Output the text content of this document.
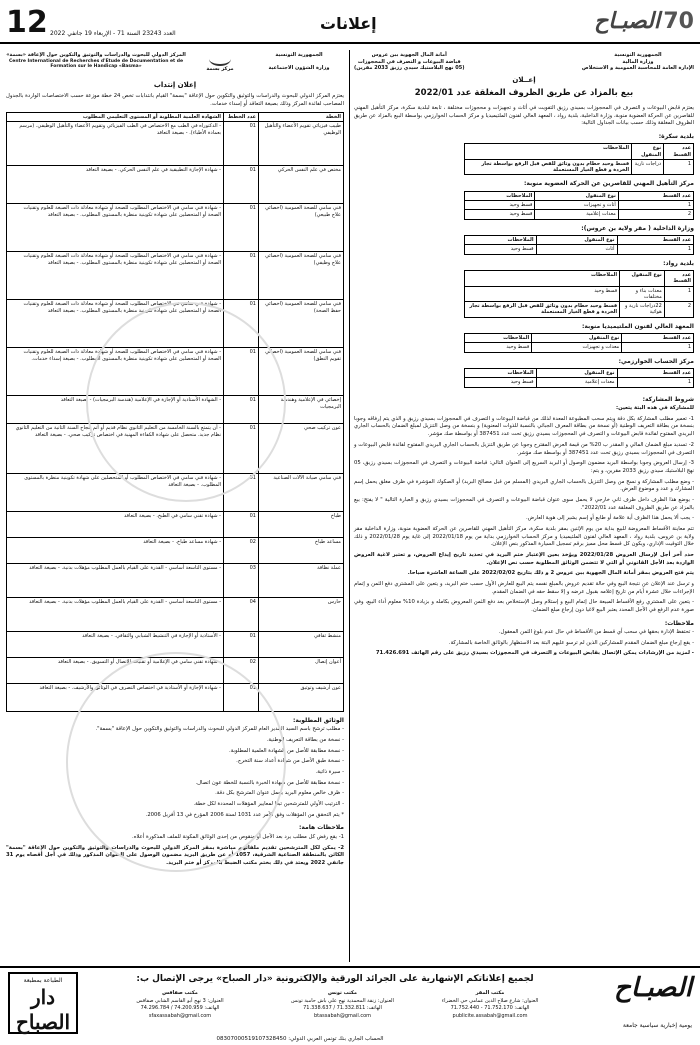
12 العدد 23243 السنة 71 - الإربعاء 19 جانفي 2022
إعلانات	الصبـاح 70
الجمهورية التونسية
وزارة المالية
الإدارة العامة للمحاسبة العمومية و الاستخلاص
أمانة المال الجهوية ببن عروس
قباضة البيوعات و التصرف في المحجوزات
(05 نهج البلاستيك سيدي رزيق 2033 مقرين)
إعــلان
بيع بالمزاد عن طريق الظروف المغلقة عدد 2022/01
يعتزم قابض البيوعات و التصرف في المحجوزات بسيدي رزيق التفويت في أثاث و تجهيزات و محجوزات مختلفة ، تابعة لبلدية سكرة، مركز التأهيل المهني للقاصرين عن الحركة العضوية منوبة، وزارة الداخلية، بلدية رواد ، المعهد العالي لفنون الملتيميديا و مركز الحساب الخوارزمي بواسطة البيع بالمزاد عن طريق الظروف المغلقة وذلك حسب بيانات الجداول التالية:
بلدية سكرة:
عدد القسط	نوع المنقول	الملاحظات
1	دراجات نارية	قسط وحيد حطام بدون وثائق للقص قبل الرفع بواسطة تجار الخردة و قطع الغيار المستعملة
مركز التأهيل المهني للقاصرين عن الحركة العضوية منوبة:
عدد القسط	نوع المنقول	الملاحظات
1	أثاث و تجهيزات	قسط وحيد
2	معدات إعلامية	قسط وحيد
وزارة الداخلية ( مقر ولاية بن عروس):
عدد القسط	نوع المنقول	الملاحظات
1	أثاث	قسط وحيد
بلدية رواد:
عدد القسط	نوع المنقول	الملاحظات
1	معدات بناء و مختلفات	قسط وحيد
2	22دراجات نارية و هوائية	قسط وحيد حطام بدون وثائق للقص قبل الرفع بواسطة تجار الخردة و قطع الغيار المستعملة
المعهد العالي لفنون الملتيميديا منوبة:
عدد القسط	نوع المنقول	الملاحظات
1	معدات و تجهيزات	قسط وحيد
مركز الحساب الخوارزمي:
عدد القسط	نوع المنقول	الملاحظات
1	معدات إعلامية	قسط وحيد
شروط المشاركة:
للمشاركة في هذه البتة يتعين:
1- تعمير مطلب المشاركة بكل دقة ويتم سحب المطبوعة المعدة لذلك من قباضة البيوعات و التصرف في المحجوزات بسيدي رزيق و الذي يتم إرفاقه وجوبا بنسخة من بطاقة التعريف الوطنية (أو نسخة من بطاقة المعرف الجبائي بالنسبة للذوات المعنوية) و بنسخة من وصل التنزيل لمبلغ الضمان بالحساب الجاري البريدي المفتوح لفائدة قابض البيوعات و التصرف في المحجوزات بسيدي رزيق تحت عدد 387451 أو بواسطة صك مؤشر.
2- تسديد مبلغ الضمان المالي و المقدر ب 20% من قيمة العرض المقترح وجوبا عن طريق التنزيل بالحساب الجاري البريدي المفتوح لفائدة قابض البيوعات و التصرف في المحجوزات بسيدي رزيق تحت عدد 387451 أو بواسطة صك مؤشر.
3- إرسال العروض وجوبا بواسطة البريد مضمون الوصول أو البريد السريع إلى العنوان التالي: قباضة البيوعات و التصرف في المحجوزات بسيدي رزيق، 05 نهج البلاستيك سيدي رزيق 2033 مقرين، و يتم:
- وضع مطلب المشاركة و نسخ من وصل التنزيل بالحساب الجاري البريدي (المسلم من قبل مصالح البريد) أو الصكوك المؤشرة في ظرف مغلق يحمل إسم المشارك و عدد و موضوع العرض.
- يوضع هذا الظرف داخل ظرف ثاني خارجي لا يحمل سوى عنوان قباضة البيوعات و التصرف في المحجوزات بسيدي رزيق و العبارة التالية " لا يفتح: بيع بالمزاد عن طريق الظروف المغلقة عدد 2022/01".
- يجب ألا يحمل هذا الظرف أية علامة أو طابع أو إسم يشير إلى هوية العارض.
تتم معاينة الأقساط المعروضة للبيع بداية من يوم الإثنين بمقر بلدية سكرة، مركز التأهيل المهني للقاصرين عن الحركة العضوية منوبة، وزارة الداخلية مقر ولاية بن عروس، بلدية رواد ، المعهد العالي لفنون الملتيميديا و مركز الحساب الخوارزمي بداية من يوم 2022/01/18 إلى غاية يوم 2022/01/28 و ذلك خلال التوقيت الإداري، ويكون كل قسط محل مميز برقم تسجيل السيارة المذكور بنص الإعلان.
حدد آخر أجل لإرسال العروض 2022/01/28 ويؤخذ بعين الإعتبار ختم البريد في تحديد تاريخ إيداع العروض، و تعتبر لاغية العروض الواردة بعد الأجل القانوني أو التي لا تتضمن الوثائق المطلوبة حسب نص الإعلان.
يتم فتح العروض بمقر أمانة المال الجهوية ببن عروس 2 و ذلك بتاريخ 2022/02/02 على الساعة العاشرة صباحا.
و ترسل عند الإعلان عن نتيجة البيع وفي حالة تقديم عروض بالمبلغ نفسه يتم البيع للعارض الأول حسب ختم البريد، و يتعين على المشتري دفع الثمن و إتمام الإجراءات خلال عشرة أيام من تاريخ إعلامه بقبول عرضه و إلا سقط حقه في الضمان المقدم.
- يتعين على المشتري رفع الأقساط المبيعة حال إتمام البيع و إستلام وصل الإستخلاص بعد دفع الثمن المعروض بكامله و بزيادة 10% معلوم أداء البيع، وفي صورة عدم الرفع في الأجل المحدد يعتبر البيع لاغيا دون إرجاع مبلغ الضمان.
ملاحظات:
- تحتفظ الإدارة بحقها في سحب أي قسط من الأقساط في حال عدم بلوغ الثمن المعقول.
- يقع إرجاع مبلغ الضمان المقدم للمشاركين الذين لم ترسو عليهم البتة بعد الاستظهار بالوثائق الخاصة بالمشاركة.
- لمزيد من الإرشادات يمكن الإتصال بقابض البيوعات و التصرف في المحجوزات بسيدي رزيق على رقم الهاتف 71.426.691
الجمهورية التونسية
وزارة الشؤون الاجتماعية
مركز بسمة
المركز الدولي للبحوث والدراسات والتوثيق والتكوين حول الإعاقة «بسمة»
Centre International de Recherches d'Etude de Documentation et de Formation sur le Handicap «Basma»
إعلان إنتداب
يعتزم المركز الدولي للبحوث والدراسات والتوثيق والتكوين حول الإعاقة "بسمة" القيام بانتدابات تخص 24 خطة موزعة حسب الاختصاصات الواردة بالجدول المصاحب لفائدة المركز وذلك بصيغة التعاقد أو إسداء خدمات.
الخطة	عدد الخطط	الشهادة العلمية المطلوبة أو المستوى التعليمي المطلوب
طبيب فيزيائي تقويم الأعضاء والتأهيل الوظيفي	01	- الدكتوراه في الطب مع الاختصاص في الطب الفيزيائي وتقويم الأعضاء والتأهيل الوظيفي. (مرسم بعمادة الأطباء). - بصيغة التعاقد
مختص في علم النفس الحركي	01	- شهادة الإجازة التطبيقية في علم النفس الحركي. - بصيغة التعاقد
فني سامي للصحة العمومية (اخصائي علاج طبيعي)	01	- شهادة فني سامي في الاختصاص المطلوب للصحة أو شهادة معادلة ذات الصبغة للعلوم وتقنيات الصحة أو المتحصلين على شهادة تكوينية منظرة بالمستوى المطلوب. - بصيغة التعاقد
فني سامي للصحة العمومية (اخصائي علاج وظيفي)	01	- شهادة فني سامي في الاختصاص المطلوب للصحة أو شهادة معادلة ذات الصبغة للعلوم وتقنيات الصحة أو المتحصلين على شهادة تكوينية منظرة بالمستوى المطلوب. - بصيغة التعاقد
فني سامي للصحة العمومية (اخصائي حفظ الصحة)	01	- شهادة فني سامي في الاختصاص المطلوب للصحة أو شهادة معادلة ذات الصبغة للعلوم وتقنيات الصحة أو المتحصلين على شهادة تكوينية منظرة بالمستوى المطلوب. - بصيغة التعاقد
فني سامي للصحة العمومية (اخصائي تقويم النطق)	01	- شهادة فني سامي في الاختصاص المطلوب للصحة أو شهادة معادلة ذات الصبغة للعلوم وتقنيات الصحة أو المتحصلين على شهادة تكوينية منظرة بالمستوى المطلوب. - بصيغة إسداء خدمات.
إخصائي في الإعلامية وهندسة البرمجيات	01	- الشهادة الأستاذية أو الإجازة في الإعلامية (هندسة البرمجيات) - بصيغة التعاقد
عون تركيب صحي	01	- أن يتمتع بالسنة الخامسة من التعليم الثانوي نظام قديم أو أتم بنجاح السنة الثانية من التعليم الثانوي نظام جديد. متحصل على شهادة الكفاءة المهنية في اختصاص تركيب صحي. - بصيغة التعاقد
فني سامي صيانة الآلات الصناعية	01	- شهادة فني سامي في الاختصاص المطلوب أو المتحصلين على شهادة تكوينية منظرة بالمستوى المطلوب. - بصيغة التعاقد
طباخ	01	- شهادة تقني سامي في الطبخ. - بصيغة التعاقد
مساعد طباخ	02	- شهادة مساعد طباخ. - بصيغة التعاقد
عملة نظافة	03	- مستوى التاسعة أساسي - القدرة على القيام بالعمل المطلوب مؤهلات بدنية. - بصيغة التعاقد
حارس	04	- مستوى التاسعة أساسي - القدرة على القيام بالعمل المطلوب مؤهلات بدنية. - بصيغة التعاقد
منشط ثقافي	01	- الأستاذية أو الإجازة في التنشيط الشبابي والثقافي. - بصيغة التعاقد
أعوان إتصال	02	- شهادة تقني سامي في الإعلامية أو تقنيات الاتصال أو التسويق. - بصيغة التعاقد
عون أرشيف وتوثيق	01	- شهادة الإجازة أو الأستاذية في اختصاص التصرف في الوثائق والأرشيف. - بصيغة التعاقد
الوثائق المطلوبة:
- مطلب ترشح باسم السيد المدير العام للمركز الدولي للبحوث والدراسات والتوثيق والتكوين حول الإعاقة "بسمة".
- نسخة من بطاقة التعريف الوطنية.
- نسخة مطابقة للأصل من الشهادة العلمية المطلوبة.
- نسخة طبق الأصل من شهادة أعداد سنة التخرج.
- سيرة ذاتية.
- نسخة مطابقة للأصل من شهادة الخبرة بالنسبة للخطة عون اتصال.
- ظرف خالص معلوم البريد يحمل عنوان المترشح بكل دقة.
- الترتيب الأولي للمترشحين تبعا لمعايير المؤهلات المحددة لكل خطة.
* يتم التحقق من المؤهلات وفق الأمر عدد 1031 لسنة 2006 المؤرخ في 13 أفريل 2006.
ملاحظات هامة:
1- يقع رفض كل مطلب يرد بعد الأجل أو منقوص من إحدى الوثائق المكونة للملف المذكورة أعلاه.
2- يمكن لكل المترشحين تقديم ملفاتهم مباشرة بمقر المركز الدولي للبحوث والدراسات والتوثيق والتكوين حول الإعاقة "بسمة" الكائن بالمنطقة الصناعية الشرقية، 1057 أو عن طريق البريد مضمون الوصول على العنوان المذكور وذلك في أجل أقصاه يوم 31 جانفي 2022 ويعتد في ذلك بختم مكتب الضبط بالمركز أو ختم البريد.
الصبـاح
يومية إخبارية سياسية جامعة
لجميع إعلاناتكم الإشهارية على الجرائد الورقية والإلكترونية «دار الصباح» يرجى الإتصال ب:
مكتب المقر
العنوان: شارع صلاح الدين عمامي حي الخضراء
الهاتف: 71.752.170 - 71.752.440
publicite.assabah@gmail.com
مكتب تونس
العنوان: زنقة المحمدية نهج علي باش حامبة تونس
الهاتف: 71.332.811 / 71.338.637
btassabah@gmail.com
مكتب صفاقس
العنوان: 3 نهج أبو القاسم الشابي صفاقس
الهاتف: 74.200.959 / 74.296.784
sfaxassabah@gmail.com
الطباعة بمطبعة
دار الصباح
الحساب الجاري بنك تونس العربي الدولي: 08307000519107328450
